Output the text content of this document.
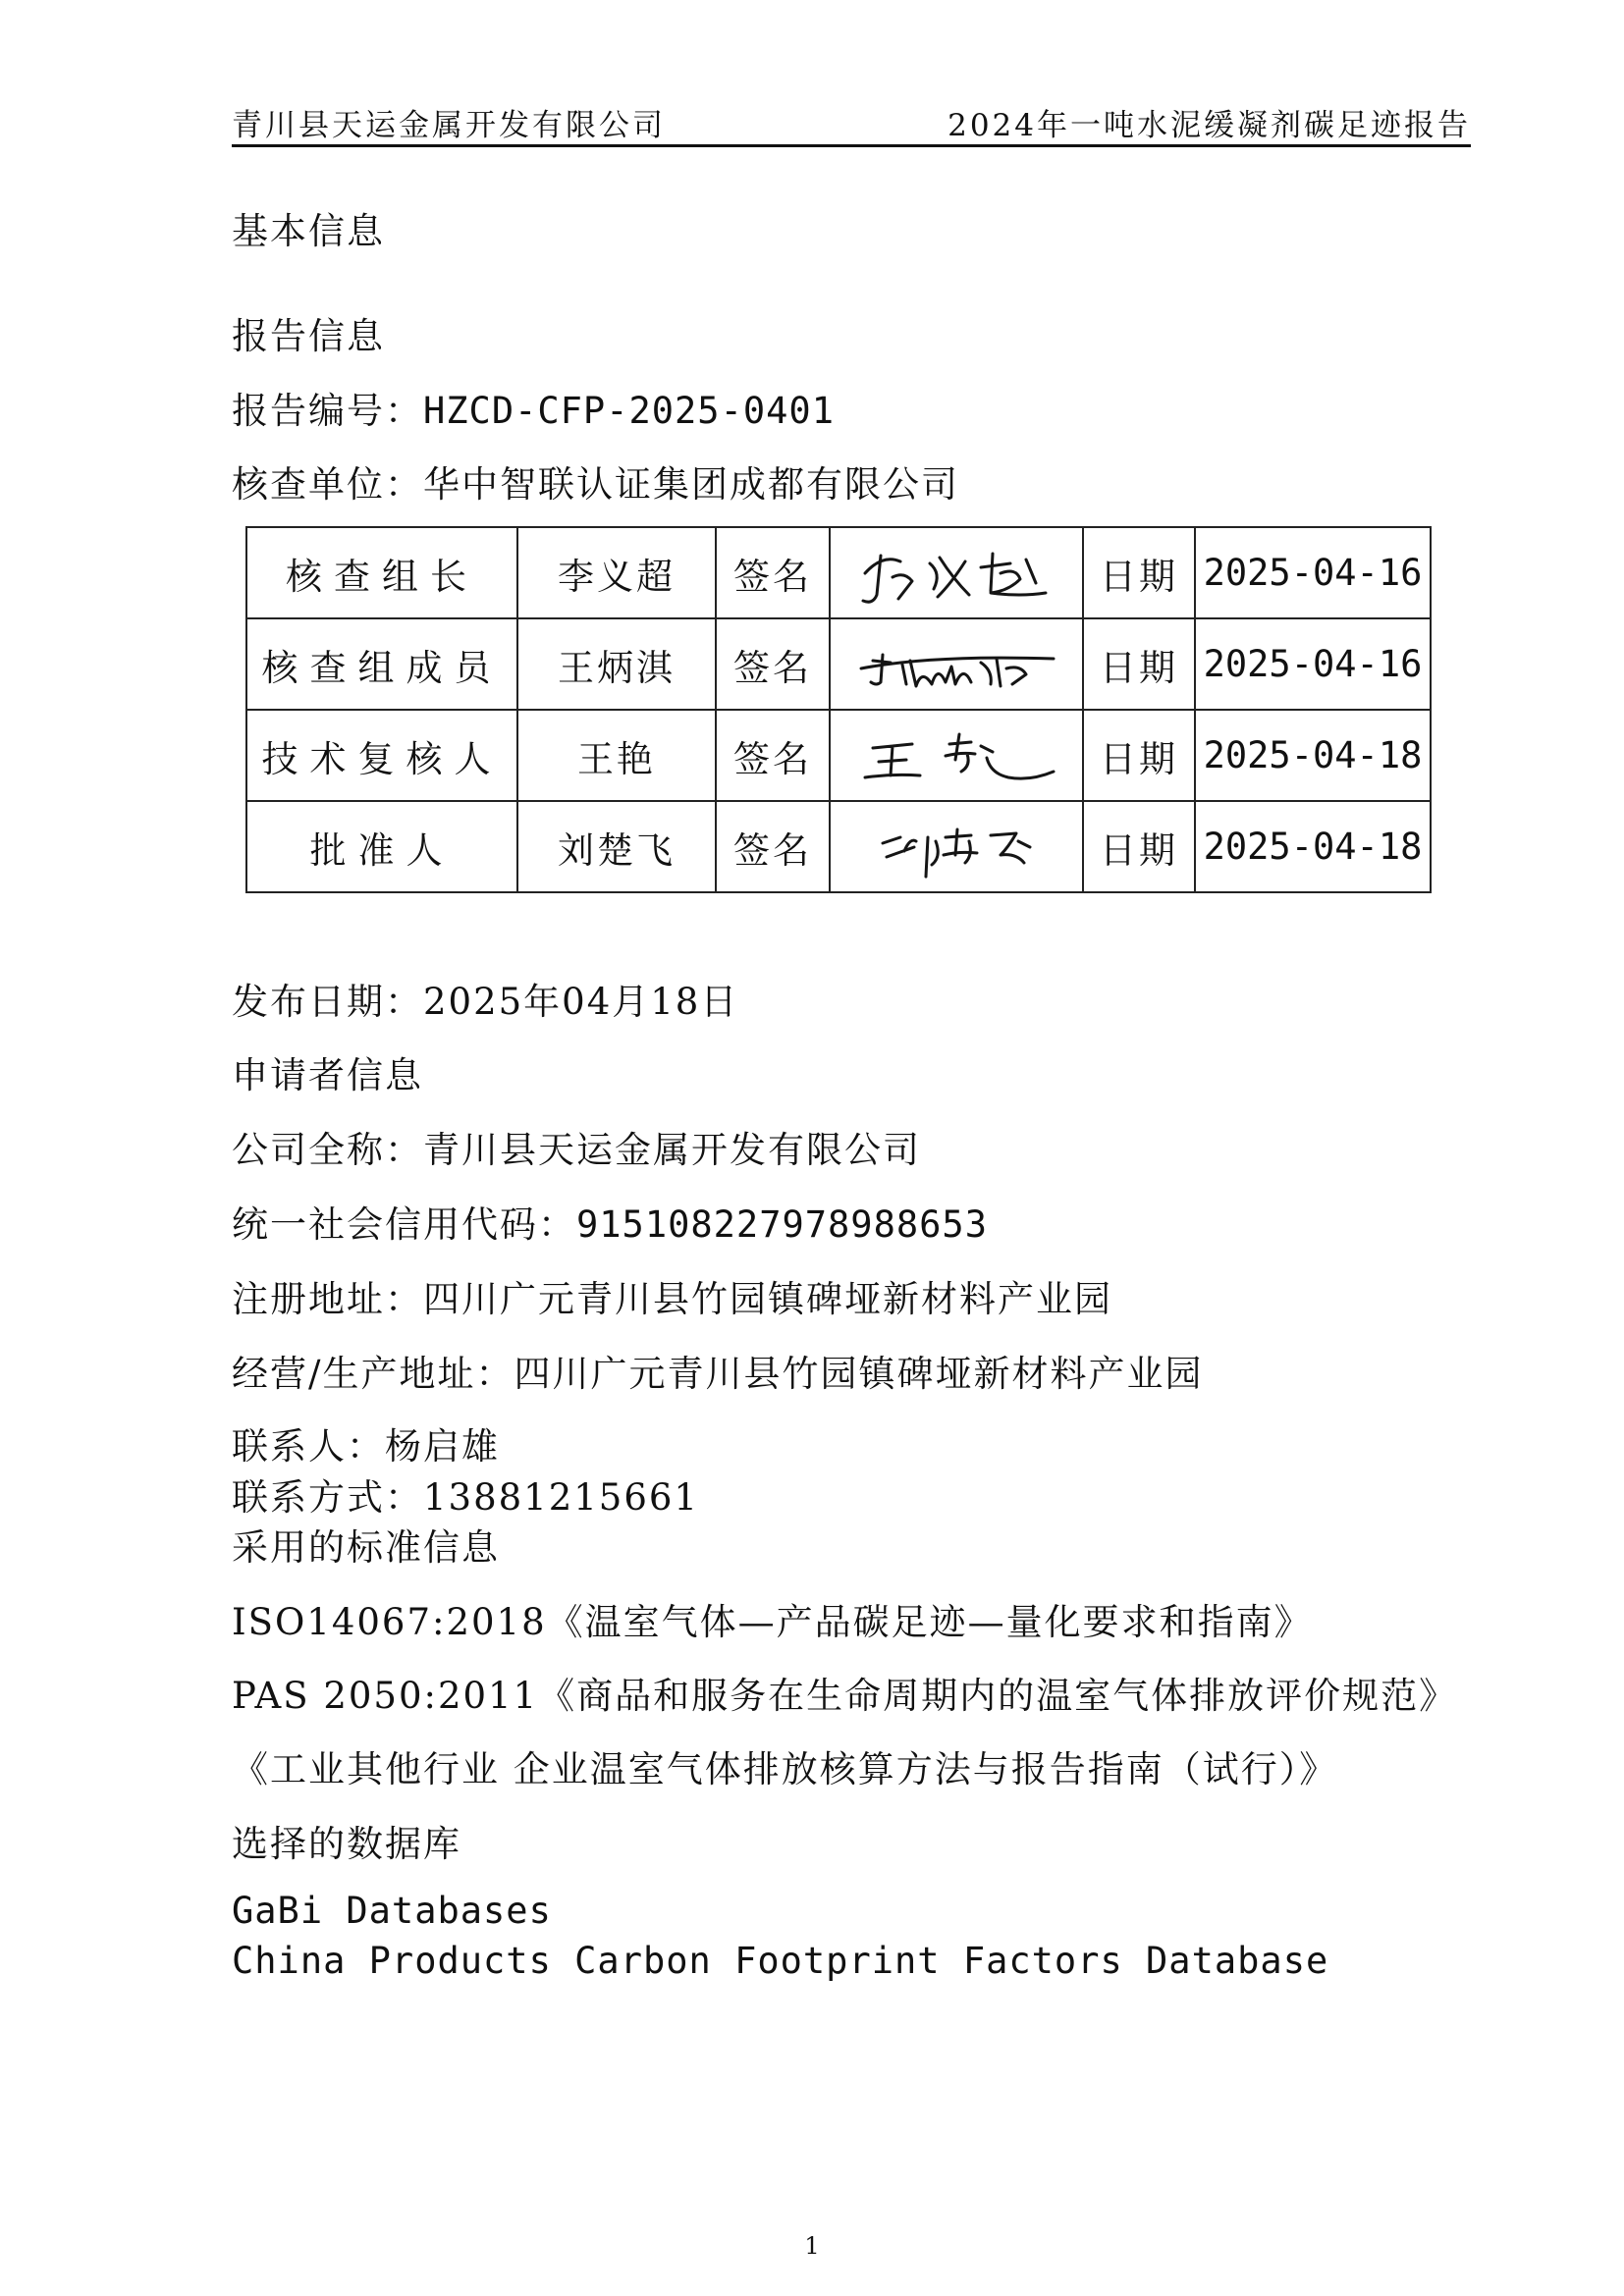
青川县天运金属开发有限公司	2024年一吨水泥缓凝剂碳足迹报告
基本信息
报告信息
报告编号：HZCD-CFP-2025-0401
核查单位：华中智联认证集团成都有限公司
核查组长	李义超	签名		日期	2025-04-16
核查组成员	王炳淇	签名		日期	2025-04-16
技术复核人	王艳	签名		日期	2025-04-18
批准人	刘楚飞	签名		日期	2025-04-18
发布日期：2025年04月18日
申请者信息
公司全称：青川县天运金属开发有限公司
统一社会信用代码：91510822797898865З
注册地址：四川广元青川县竹园镇碑垭新材料产业园
经营/生产地址：四川广元青川县竹园镇碑垭新材料产业园
联系人：杨启雄
联系方式：13881215661
采用的标准信息
ISO14067:2018《温室气体—产品碳足迹—量化要求和指南》
PAS 2050:2011《商品和服务在生命周期内的温室气体排放评价规范》
《工业其他行业 企业温室气体排放核算方法与报告指南（试行）》
选择的数据库
GaBi Databases
China Products Carbon Footprint Factors Database
1
